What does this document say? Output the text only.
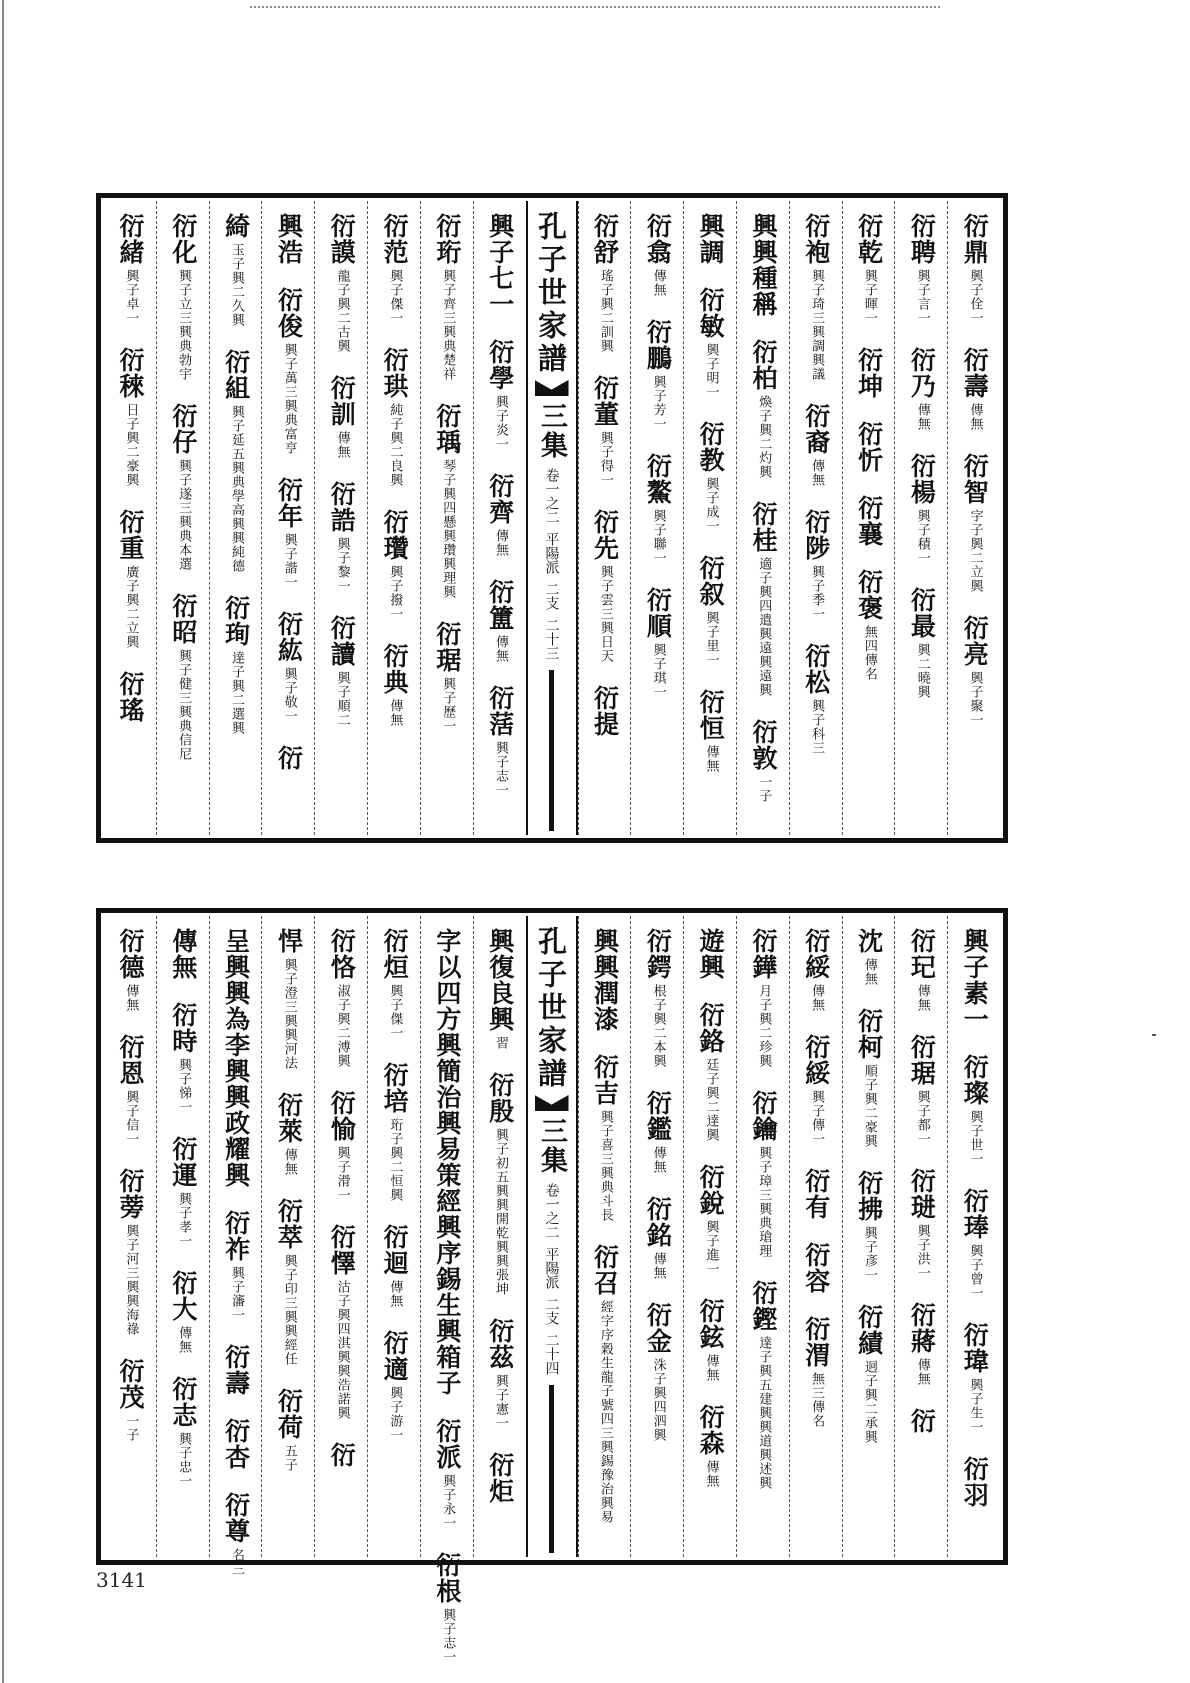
衍鼎
興子佺一
衍壽
傳無
衍智
字子興二立興
衍亮
興子聚一
衍聘
興子言一
衍乃
傳無
衍楊
興子積一
衍最
興二曉興
衍乾
興子暉一
衍坤
衍忻
衍襄
衍褒
無四傳名
衍袍
興子琦三興調興議
衍裔
傳無
衍陟
興子季一
衍松
興子科三
興興種稱
衍柏
煥子興二灼興
衍桂
適子興四遣興遠興遠興
衍敦
一子
興調
衍敏
興子明一
衍教
興子成一
衍叙
興子里一
衍恒
傳無
衍翕
傳無
衍鵬
興子芳一
衍鰲
興子聯一
衍順
興子琪一
衍舒
瑤子興二訓興
衍董
興子得一
衍先
興子雲三興日天
衍提
孔子世家譜
三集
卷一之二
平陽派
二支
二十三
興子七一
衍學
興子炎一
衍齊
傳無
衍簠
傳無
衍萿
興子志一
衍珩
興子齊三興典楚祥
衍瑀
琴子興四懸興瓚興理興
衍琚
興子歷一
衍范
興子傑一
衍珙
純子興二良興
衍瓚
興子撥一
衍典
傳無
衍謨
龍子興二古興
衍訓
傳無
衍誥
興子黎一
衍讀
興子順二
興浩
衍俊
興子萬三興典富亨
衍年
興子諧一
衍紘
興子敬一
衍
綺
玉子興二久興
衍組
興子延五興典學高興興純德
衍珣
達子興二選興
衍化
興子立三興典勃宇
衍仔
興子遂三興典本選
衍昭
興子健三興典信尼
衍緒
興子卓一
衍䅘
日子興二豪興
衍重
廣子興二立興
衍瑤
興子素一
衍璨
興子世一
衍琫
興子曾一
衍瑋
興子生一
衍羽
衍玘
傳無
衍琚
興子都一
衍琎
興子洪一
衍蔣
傳無
衍
沈
傳無
衍柯
順子興二豪興
衍拂
興子彥一
衍績
迥子興二承興
衍綏
傳無
衍綏
興子傳一
衍有
衍容
衍渭
無三傳名
衍鏵
月子興二珍興
衍鑰
興子璋三興典瑲理
衍鏗
達子興五建興興道興述興
遊興
衍鉻
廷子興二達興
衍銳
興子進一
衍鉉
傳無
衍森
傳無
衍鍔
根子興二本興
衍鑑
傳無
衍銘
傳無
衍金
洙子興四泗興
興興潤漆
衍吉
興子喜三興典斗長
衍召
經字序穀生龍子號四三興錫豫治興易
孔子世家譜
三集
卷一之二
平陽派
二支
二十四
興復良興
習
衍殷
興子初五興興開乾興興張坤
衍茲
興子憲一
衍炬
字以四方興簡治興易策經興序錫生興箱子
衍派
興子永一
衍根
興子志一
衍烜
興子傑一
衍培
珩子興二恒興
衍迴
傳無
衍適
興子游一
衍恪
淑子興二溥興
衍愉
興子滑一
衍懌
沽子興四淇興興浩諾興
衍
悍
興子澄三興興河法
衍萊
傳無
衍萃
興子印三興興經任
衍荷
五子
呈興興為李興興政耀興
衍祚
興子瀋一
衍壽
衍杏
衍尊
名三
傳無
衍時
興子悌一
衍運
興子孝一
衍大
傳無
衍志
興子忠一
衍德
傳無
衍恩
興子信一
衍蒡
興子河三興興海祿
衍茂
一子
3141
